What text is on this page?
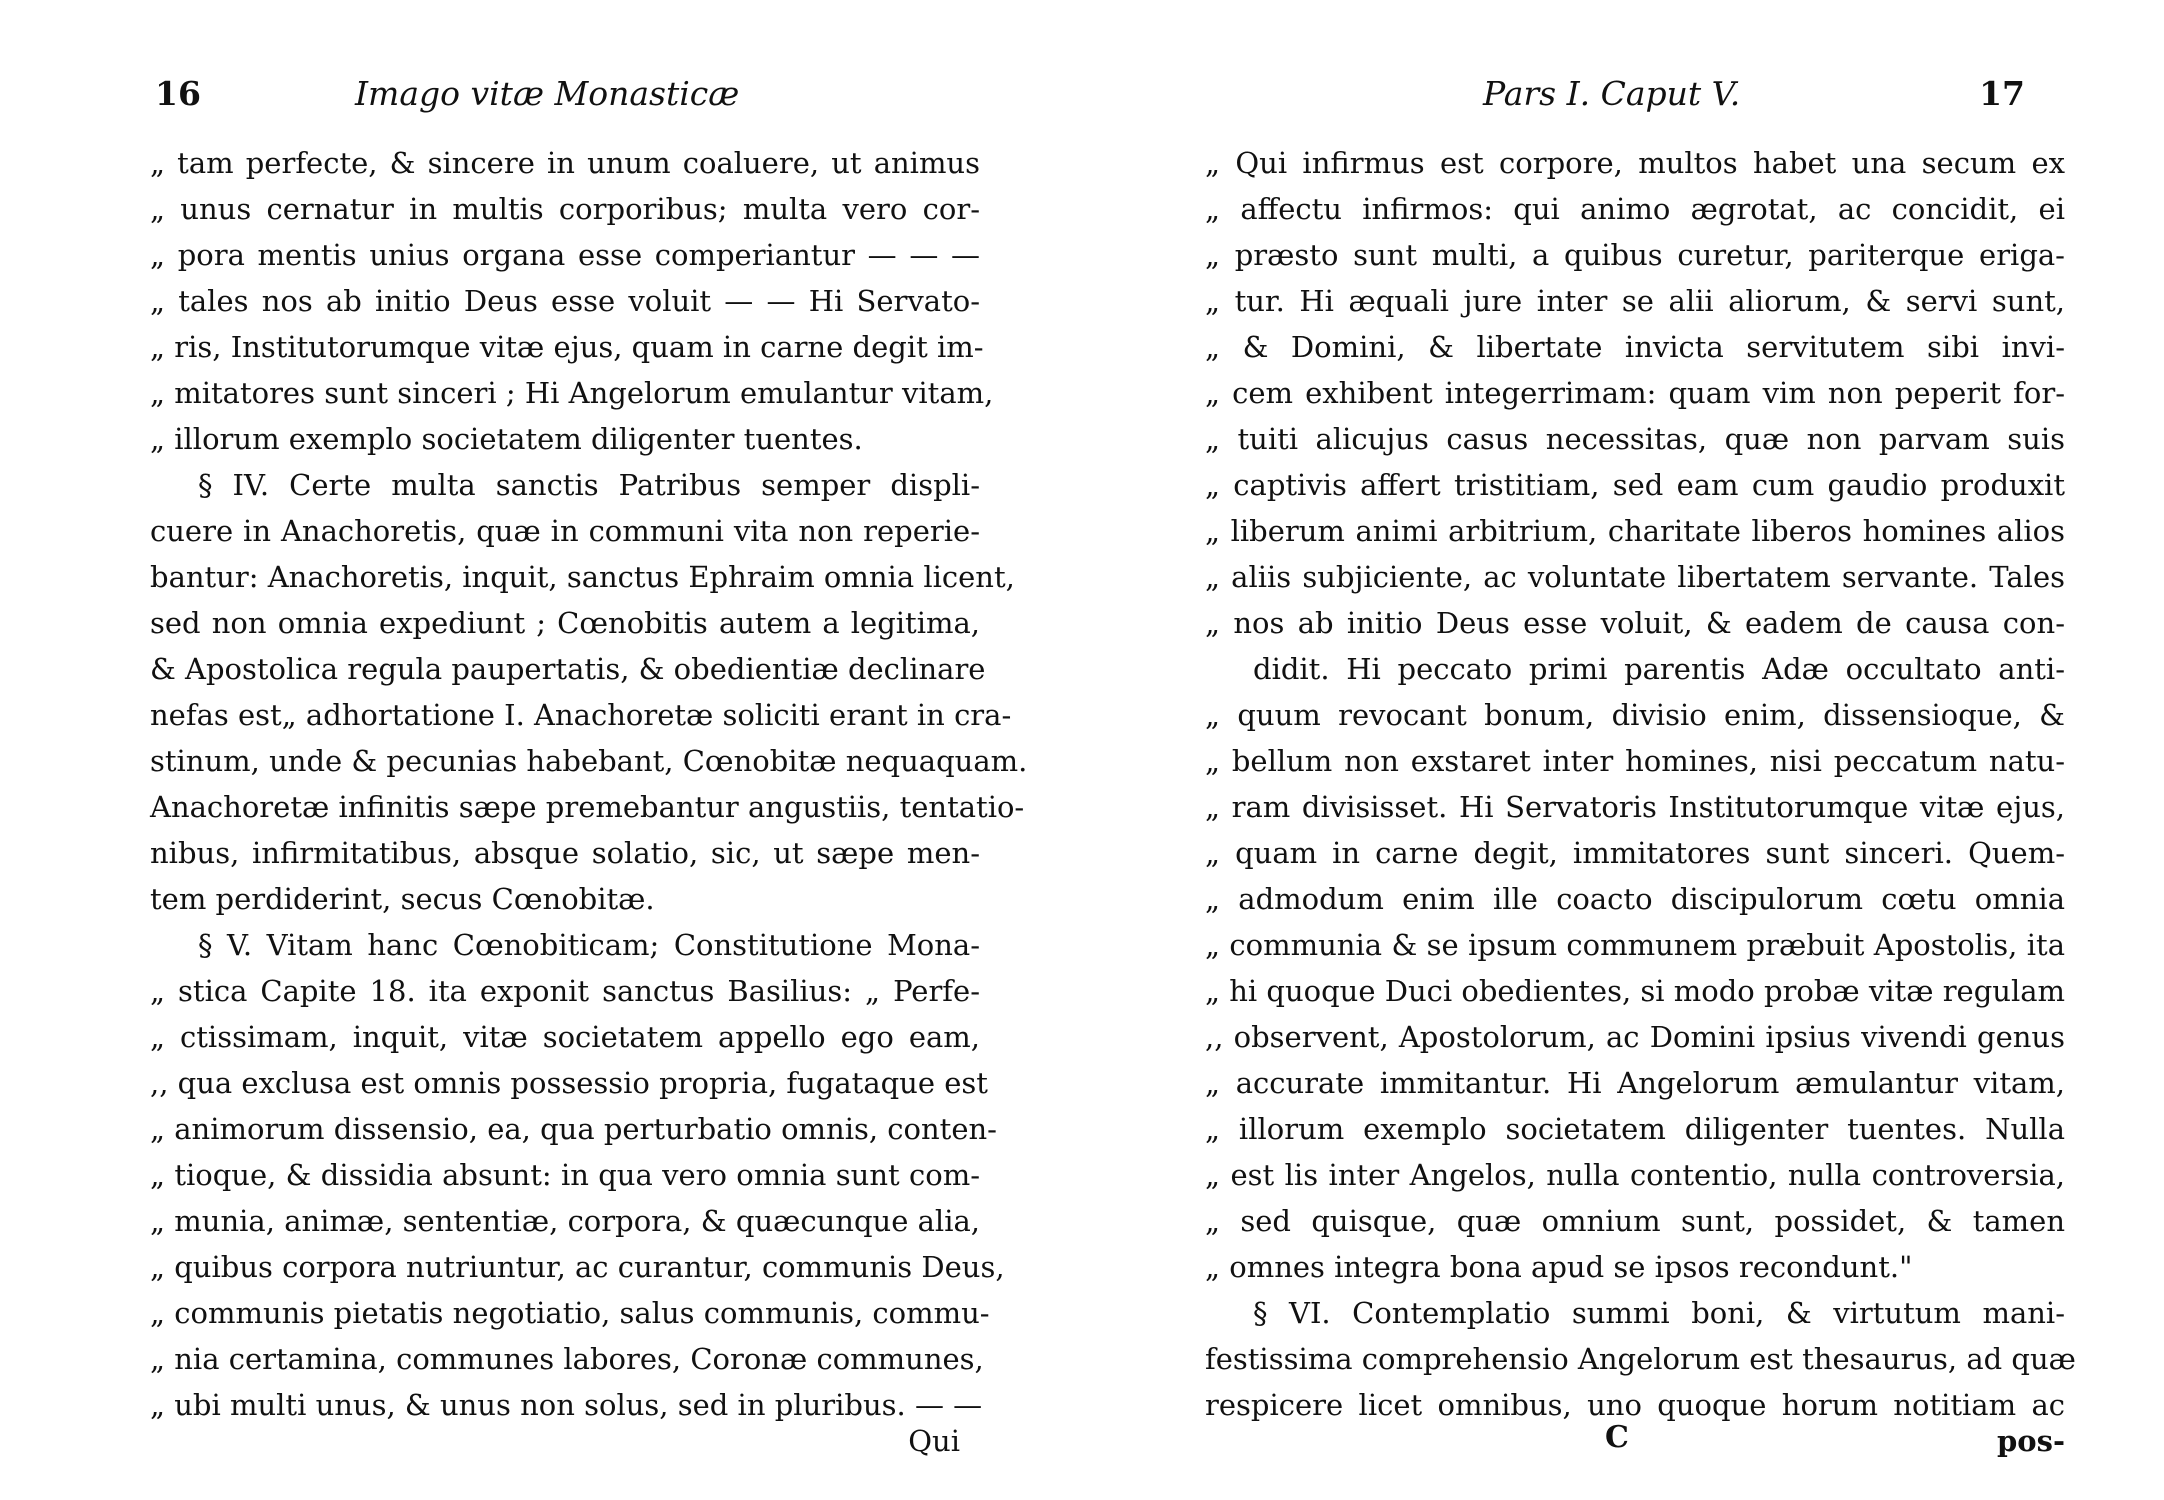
16	Imago vitæ Monasticæ
„ tam perfecte, & sincere in unum coaluere, ut animus
„ unus cernatur in multis corporibus; multa vero cor-
„ pora mentis unius organa esse comperiantur — — —
„ tales nos ab initio Deus esse voluit — — Hi Servato-
„ ris, Institutorumque vitæ ejus, quam in carne degit im-
„ mitatores sunt sinceri ; Hi Angelorum emulantur vitam,
„ illorum exemplo societatem diligenter tuentes.
§ IV. Certe multa sanctis Patribus semper displi-
cuere in Anachoretis, quæ in communi vita non reperie-
bantur: Anachoretis, inquit, sanctus Ephraim omnia licent,
sed non omnia expediunt ; Cœnobitis autem a legitima,
& Apostolica regula paupertatis, & obedientiæ declinare
nefas est„ adhortatione I. Anachoretæ soliciti erant in cra-
stinum, unde & pecunias habebant, Cœnobitæ nequaquam.
Anachoretæ infinitis sæpe premebantur angustiis, tentatio-
nibus, infirmitatibus, absque solatio, sic, ut sæpe men-
tem perdiderint, secus Cœnobitæ.
§ V. Vitam hanc Cœnobiticam; Constitutione Mona-
„ stica Capite 18. ita exponit sanctus Basilius: „ Perfe-
„ ctissimam, inquit, vitæ societatem appello ego eam,
,, qua exclusa est omnis possessio propria, fugataque est
„ animorum dissensio, ea, qua perturbatio omnis, conten-
„ tioque, & dissidia absunt: in qua vero omnia sunt com-
„ munia, animæ, sententiæ, corpora, & quæcunque alia,
„ quibus corpora nutriuntur, ac curantur, communis Deus,
„ communis pietatis negotiatio, salus communis, commu-
„ nia certamina, communes labores, Coronæ communes,
„ ubi multi unus, & unus non solus, sed in pluribus. — —
Qui
Pars I. Caput V.	17
„ Qui infirmus est corpore, multos habet una secum ex
„ affectu infirmos: qui animo ægrotat, ac concidit, ei
„ præsto sunt multi, a quibus curetur, pariterque eriga-
„ tur. Hi æquali jure inter se alii aliorum, & servi sunt,
„ & Domini, & libertate invicta servitutem sibi invi-
„ cem exhibent integerrimam: quam vim non peperit for-
„ tuiti alicujus casus necessitas, quæ non parvam suis
„ captivis affert tristitiam, sed eam cum gaudio produxit
„ liberum animi arbitrium, charitate liberos homines alios
„ aliis subjiciente, ac voluntate libertatem servante. Tales
„ nos ab initio Deus esse voluit, & eadem de causa con-
didit. Hi peccato primi parentis Adæ occultato anti-
„ quum revocant bonum, divisio enim, dissensioque, &
„ bellum non exstaret inter homines, nisi peccatum natu-
„ ram divisisset. Hi Servatoris Institutorumque vitæ ejus,
„ quam in carne degit, immitatores sunt sinceri. Quem-
„ admodum enim ille coacto discipulorum cœtu omnia
„ communia & se ipsum communem præbuit Apostolis, ita
„ hi quoque Duci obedientes, si modo probæ vitæ regulam
,, observent, Apostolorum, ac Domini ipsius vivendi genus
„ accurate immitantur. Hi Angelorum æmulantur vitam,
„ illorum exemplo societatem diligenter tuentes. Nulla
„ est lis inter Angelos, nulla contentio, nulla controversia,
„ sed quisque, quæ omnium sunt, possidet, & tamen
„ omnes integra bona apud se ipsos recondunt."
§ VI. Contemplatio summi boni, & virtutum mani-
festissima comprehensio Angelorum est thesaurus, ad quæ
respicere licet omnibus, uno quoque horum notitiam ac
C	pos-
